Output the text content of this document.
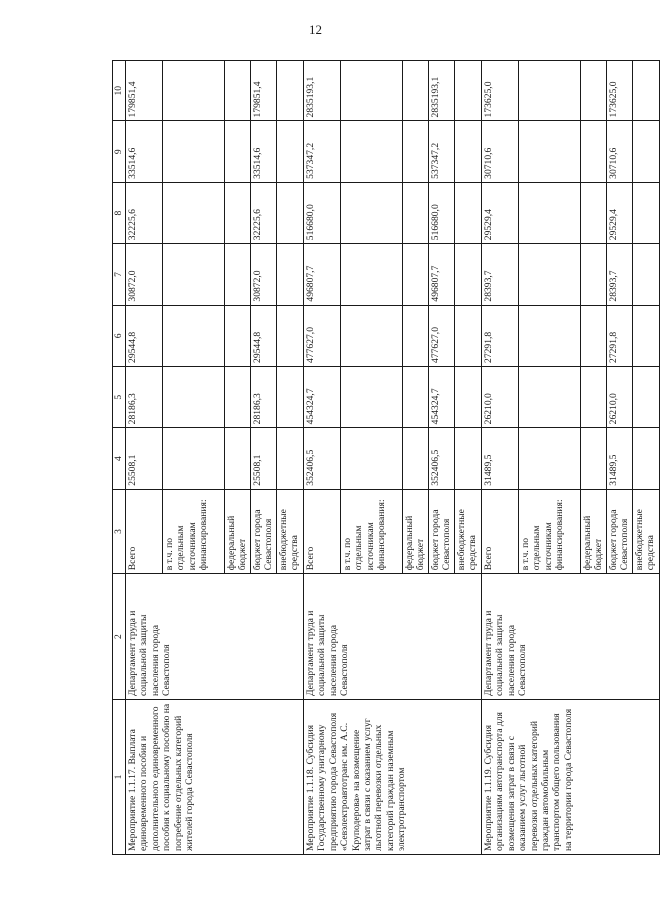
12
1	2	3	4	5	6	7	8	9	10
Мероприятие 1.1.17. Выплата единовременного пособия и дополнительного единовременного пособия к социальному пособию на погребение отдельных категорий жителей города Севастополя	Департамент труда и социальной защиты населения города Севастополя	Всего	25508,1	28186,3	29544,8	30872,0	32225,6	33514,6	179851,4
		в т.ч. по отдельным источникам финансирования:							
		федеральный бюджет							
		бюджет города Севастополя	25508,1	28186,3	29544,8	30872,0	32225,6	33514,6	179851,4
		внебюджетные средства							
Мероприятие 1.1.18. Субсидия Государственному унитарному предприятию города Севастополя «Севэлектроавтотранс им. А.С. Круподерова» на возмещение затрат в связи с оказанием услуг льготной перевозки отдельных категорий граждан наземным электротранспортом	Департамент труда и социальной защиты населения города Севастополя	Всего	352406,5	454324,7	477627,0	496807,7	516680,0	537347,2	2835193,1
		в т.ч. по отдельным источникам финансирования:							
		федеральный бюджет							
		бюджет города Севастополя	352406,5	454324,7	477627,0	496807,7	516680,0	537347,2	2835193,1
		внебюджетные средства							
Мероприятие 1.1.19. Субсидия организациям автотранспорта для возмещения затрат в связи с оказанием услуг льготной перевозки отдельных категорий граждан автомобильным транспортом общего пользования на территории города Севастополя	Департамент труда и социальной защиты населения города Севастополя	Всего	31489,5	26210,0	27291,8	28393,7	29529,4	30710,6	173625,0
		в т.ч. по отдельным источникам финансирования:							
		федеральный бюджет							
		бюджет города Севастополя	31489,5	26210,0	27291,8	28393,7	29529,4	30710,6	173625,0
		внебюджетные средства							
